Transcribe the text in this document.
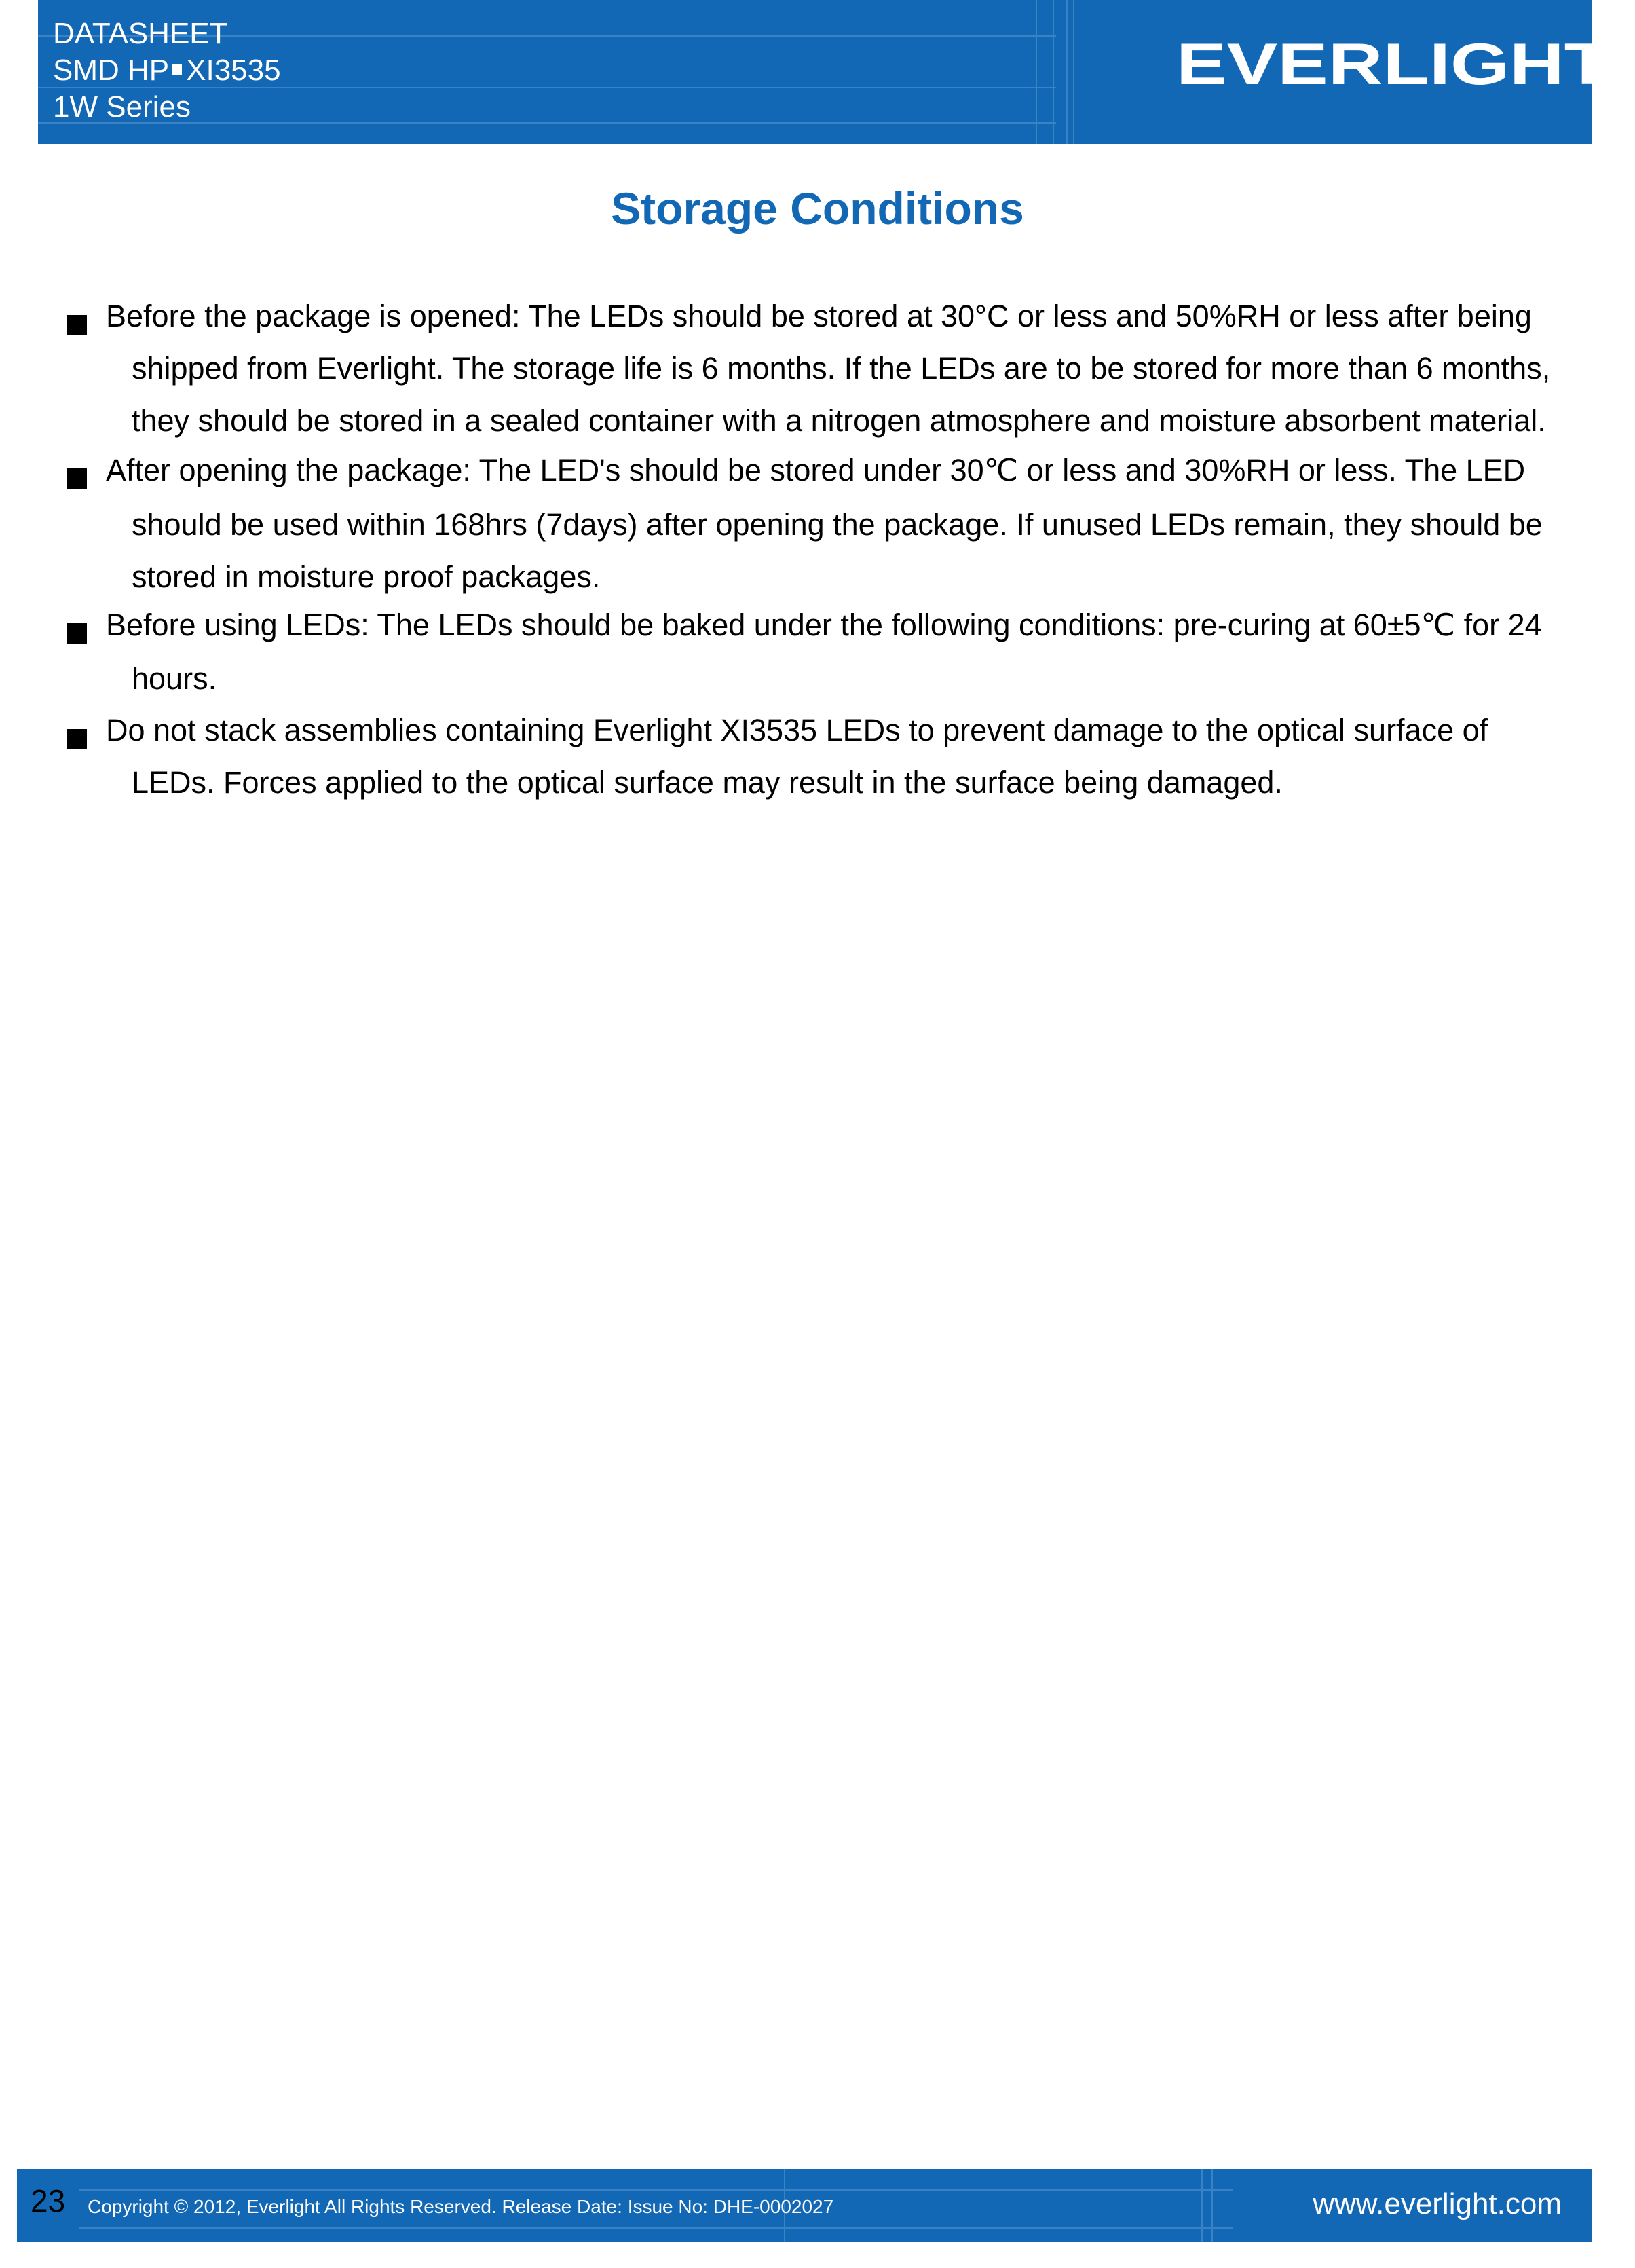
DATASHEET
SMD HP XI3535
1W Series
EVERLIGHT
Storage Conditions
Before the package is opened: The LEDs should be stored at 30°C or less and 50%RH or less after being
shipped from Everlight. The storage life is 6 months. If the LEDs are to be stored for more than 6 months,
they should be stored in a sealed container with a nitrogen atmosphere and moisture absorbent material.
After opening the package: The LED's should be stored under 30℃ or less and 30%RH or less. The LED
should be used within 168hrs (7days) after opening the package. If unused LEDs remain, they should be
stored in moisture proof packages.
Before using LEDs: The LEDs should be baked under the following conditions: pre-curing at 60±5℃ for 24
hours.
Do not stack assemblies containing Everlight XI3535 LEDs to prevent damage to the optical surface of
LEDs. Forces applied to the optical surface may result in the surface being damaged.
23 Copyright © 2012, Everlight All Rights Reserved. Release Date: Issue No: DHE-0002027	www.everlight.com
